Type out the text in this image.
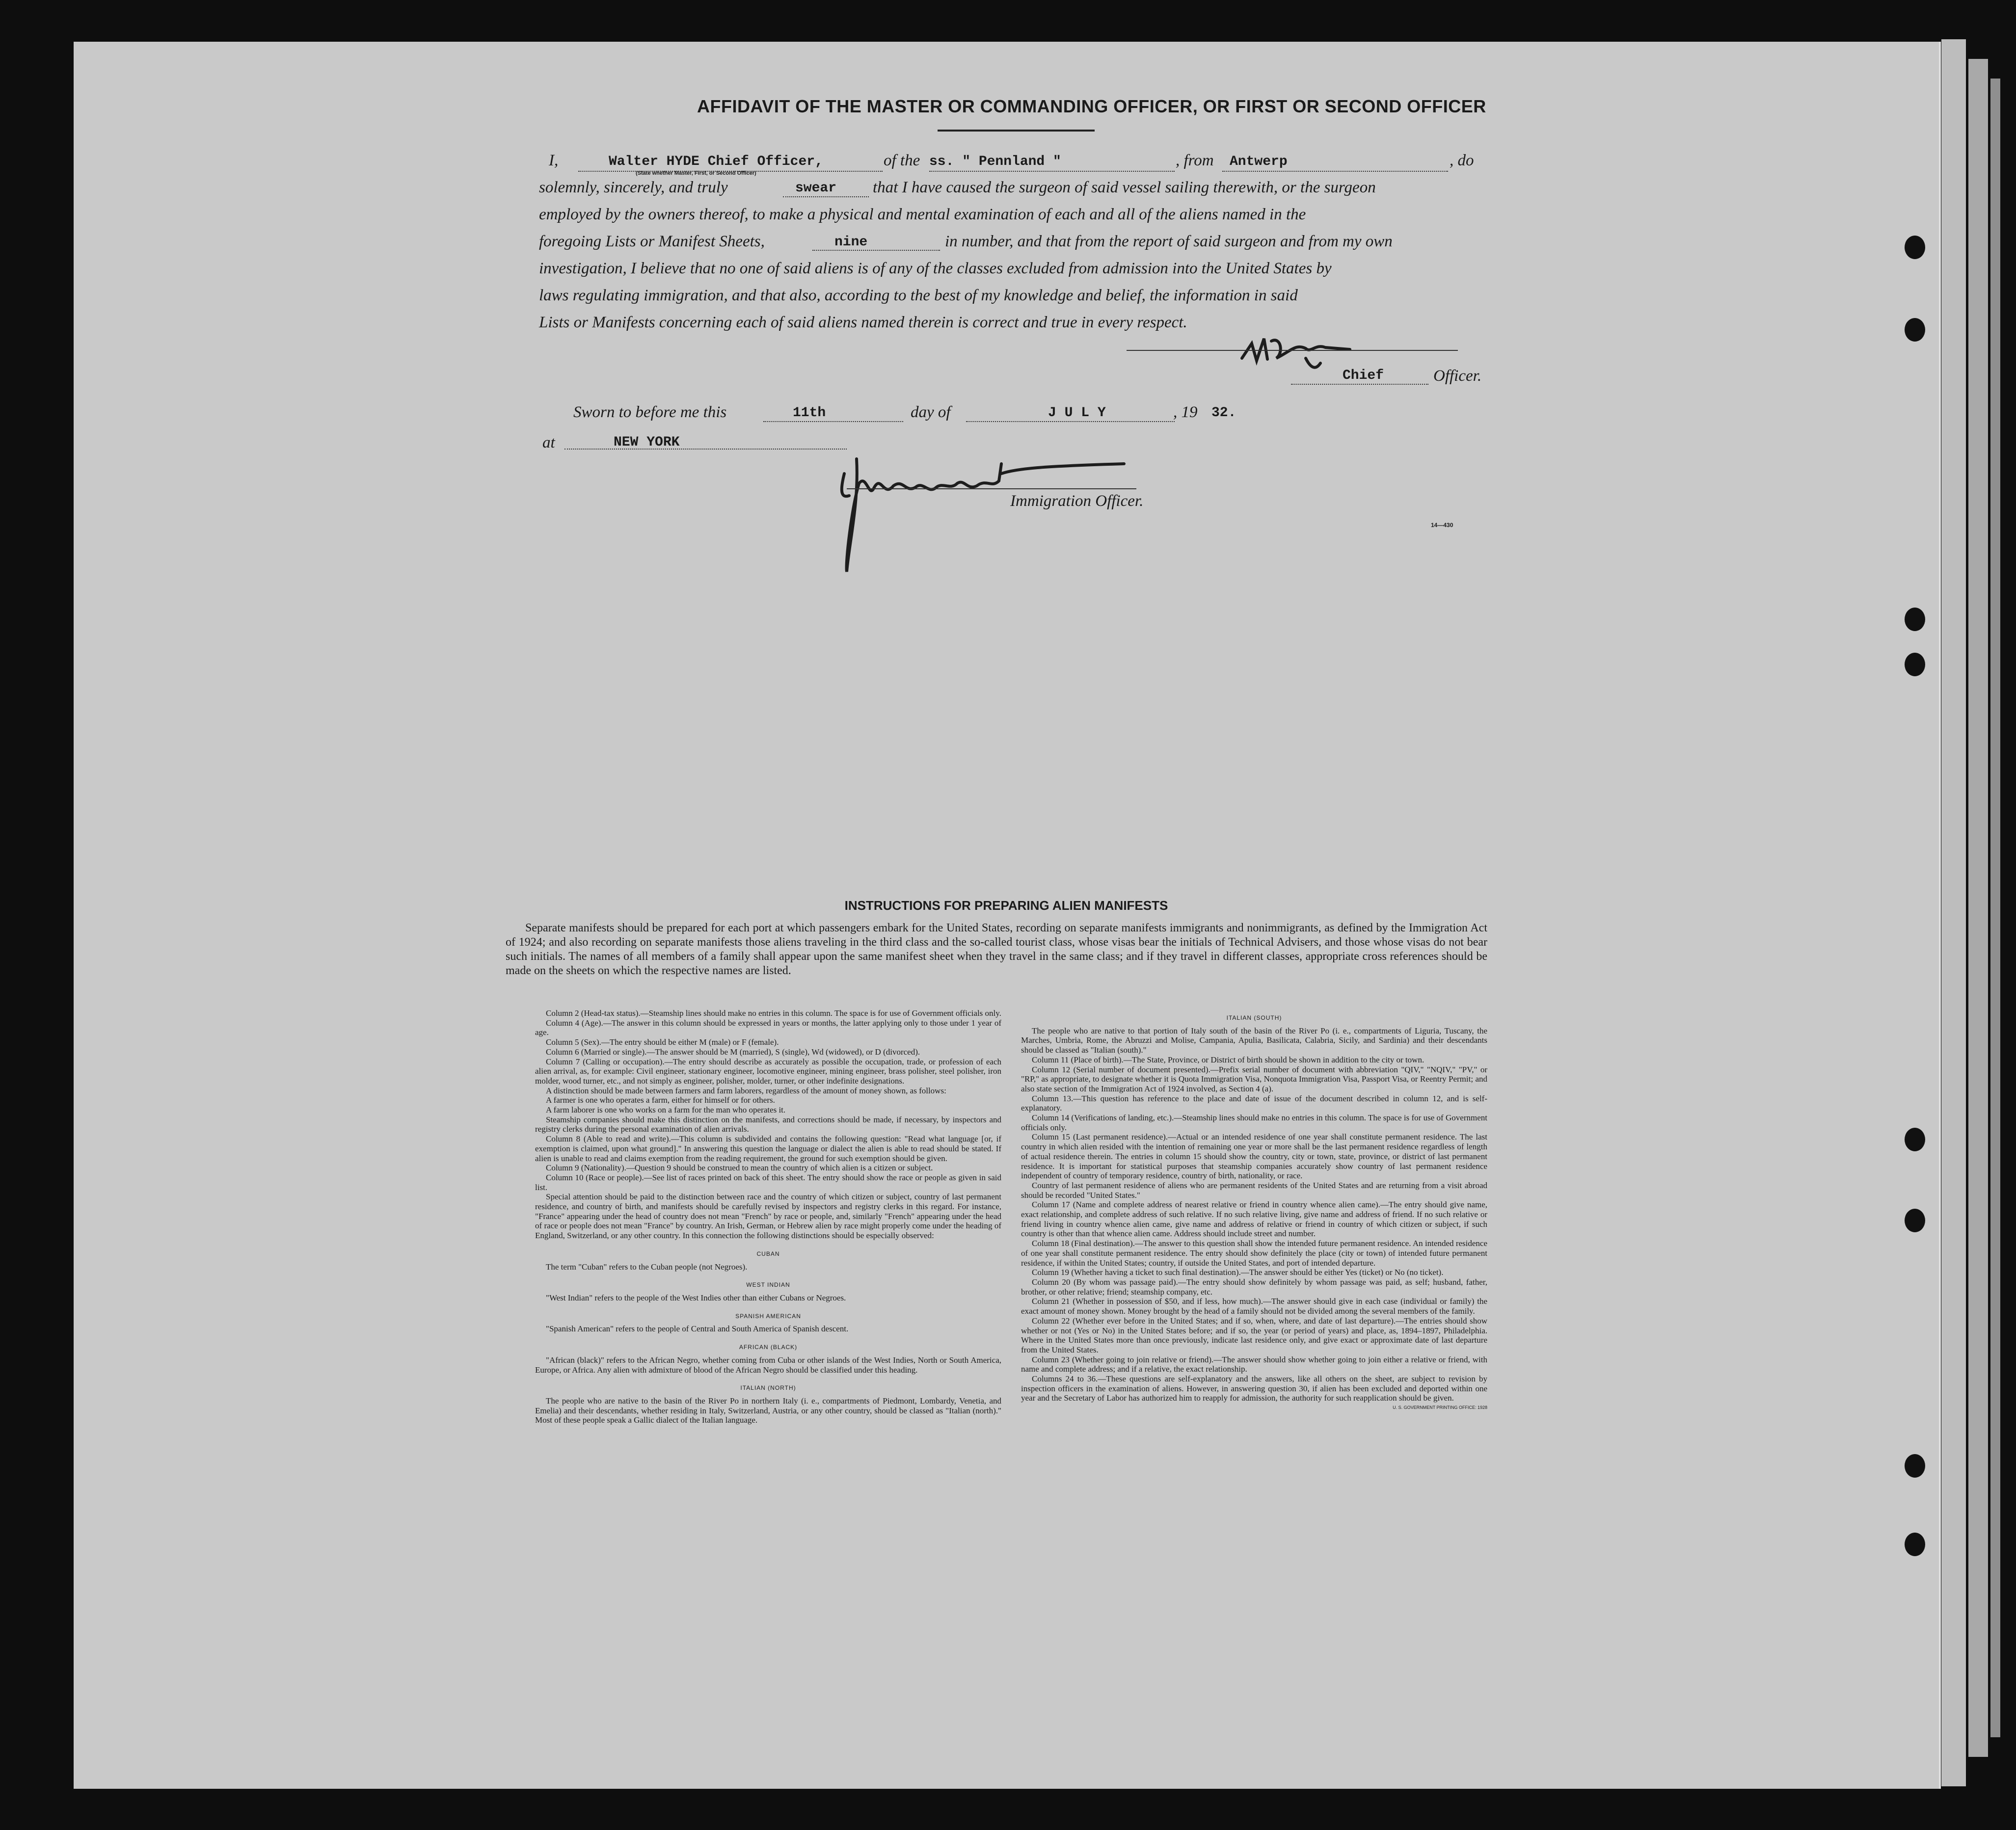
AFFIDAVIT OF THE MASTER OR COMMANDING OFFICER, OR FIRST OR SECOND OFFICER
I,	Walter HYDE Chief Officer,
(State whether Master, First, or Second Officer)
of the ss. " Pennland "	, from Antwerp	, do
solemnly, sincerely, and truly	swear that I have caused the surgeon of said vessel sailing therewith, or the surgeon
employed by the owners thereof, to make a physical and mental examination of each and all of the aliens named in the
foregoing Lists or Manifest Sheets,	nine	in number, and that from the report of said surgeon and from my own
investigation, I believe that no one of said aliens is of any of the classes excluded from admission into the United States by
laws regulating immigration, and that also, according to the best of my knowledge and belief, the information in said
Lists or Manifests concerning each of said aliens named therein is correct and true in every respect.
Chief	Officer.
Sworn to before me this	11th	day of	J U L Y	, 19 32.
at	NEW YORK
Immigration Officer.
14—430
INSTRUCTIONS FOR PREPARING ALIEN MANIFESTS
Separate manifests should be prepared for each port at which passengers embark for the United States, recording on separate manifests immigrants and nonimmigrants, as defined by the Immigration Act of 1924; and also recording on separate manifests those aliens traveling in the third class and the so-called tourist class, whose visas bear the initials of Technical Advisers, and those whose visas do not bear such initials. The names of all members of a family shall appear upon the same manifest sheet when they travel in the same class; and if they travel in different classes, appropriate cross references should be made on the sheets on which the respective names are listed.

Column 2 (Head-tax status).—Steamship lines should make no entries in this column. The space is for use of Government officials only.

Column 4 (Age).—The answer in this column should be expressed in years or months, the latter applying only to those under 1 year of age.

Column 5 (Sex).—The entry should be either M (male) or F (female).

Column 6 (Married or single).—The answer should be M (married), S (single), Wd (widowed), or D (divorced).

Column 7 (Calling or occupation).—The entry should describe as accurately as possible the occupation, trade, or profession of each alien arrival, as, for example: Civil engineer, stationary engineer, locomotive engineer, mining engineer, brass polisher, steel polisher, iron molder, wood turner, etc., and not simply as engineer, polisher, molder, turner, or other indefinite designations.

A distinction should be made between farmers and farm laborers, regardless of the amount of money shown, as follows:

A farmer is one who operates a farm, either for himself or for others.

A farm laborer is one who works on a farm for the man who operates it.

Steamship companies should make this distinction on the manifests, and corrections should be made, if necessary, by inspectors and registry clerks during the personal examination of alien arrivals.

Column 8 (Able to read and write).—This column is subdivided and contains the following question: "Read what language [or, if exemption is claimed, upon what ground]." In answering this question the language or dialect the alien is able to read should be stated. If alien is unable to read and claims exemption from the reading requirement, the ground for such exemption should be given.

Column 9 (Nationality).—Question 9 should be construed to mean the country of which alien is a citizen or subject.

Column 10 (Race or people).—See list of races printed on back of this sheet. The entry should show the race or people as given in said list.

Special attention should be paid to the distinction between race and the country of which citizen or subject, country of last permanent residence, and country of birth, and manifests should be carefully revised by inspectors and registry clerks in this regard. For instance, "France" appearing under the head of country does not mean "French" by race or people, and, similarly "French" appearing under the head of race or people does not mean "France" by country. An Irish, German, or Hebrew alien by race might properly come under the heading of England, Switzerland, or any other country. In this connection the following distinctions should be especially observed:

CUBAN

The term "Cuban" refers to the Cuban people (not Negroes).

WEST INDIAN

"West Indian" refers to the people of the West Indies other than either Cubans or Negroes.

SPANISH AMERICAN

"Spanish American" refers to the people of Central and South America of Spanish descent.

AFRICAN (BLACK)

"African (black)" refers to the African Negro, whether coming from Cuba or other islands of the West Indies, North or South America, Europe, or Africa. Any alien with admixture of blood of the African Negro should be classified under this heading.

ITALIAN (NORTH)

The people who are native to the basin of the River Po in northern Italy (i. e., compartments of Piedmont, Lombardy, Venetia, and Emelia) and their descendants, whether residing in Italy, Switzerland, Austria, or any other country, should be classed as "Italian (north)." Most of these people speak a Gallic dialect of the Italian language.

ITALIAN (SOUTH)

The people who are native to that portion of Italy south of the basin of the River Po (i. e., compartments of Liguria, Tuscany, the Marches, Umbria, Rome, the Abruzzi and Molise, Campania, Apulia, Basilicata, Calabria, Sicily, and Sardinia) and their descendants should be classed as "Italian (south)."

Column 11 (Place of birth).—The State, Province, or District of birth should be shown in addition to the city or town.

Column 12 (Serial number of document presented).—Prefix serial number of document with abbreviation "QIV," "NQIV," "PV," or "RP," as appropriate, to designate whether it is Quota Immigration Visa, Nonquota Immigration Visa, Passport Visa, or Reentry Permit; and also state section of the Immigration Act of 1924 involved, as Section 4 (a).

Column 13.—This question has reference to the place and date of issue of the document described in column 12, and is self-explanatory.

Column 14 (Verifications of landing, etc.).—Steamship lines should make no entries in this column. The space is for use of Government officials only.

Column 15 (Last permanent residence).—Actual or an intended residence of one year shall constitute permanent residence. The last country in which alien resided with the intention of remaining one year or more shall be the last permanent residence regardless of length of actual residence therein. The entries in column 15 should show the country, city or town, state, province, or district of last permanent residence. It is important for statistical purposes that steamship companies accurately show country of last permanent residence independent of country of temporary residence, country of birth, nationality, or race.

Country of last permanent residence of aliens who are permanent residents of the United States and are returning from a visit abroad should be recorded "United States."

Column 17 (Name and complete address of nearest relative or friend in country whence alien came).—The entry should give name, exact relationship, and complete address of such relative. If no such relative living, give name and address of friend. If no such relative or friend living in country whence alien came, give name and address of relative or friend in country of which citizen or subject, if such country is other than that whence alien came. Address should include street and number.

Column 18 (Final destination).—The answer to this question shall show the intended future permanent residence. An intended residence of one year shall constitute permanent residence. The entry should show definitely the place (city or town) of intended future permanent residence, if within the United States; country, if outside the United States, and port of intended departure.

Column 19 (Whether having a ticket to such final destination).—The answer should be either Yes (ticket) or No (no ticket).

Column 20 (By whom was passage paid).—The entry should show definitely by whom passage was paid, as self; husband, father, brother, or other relative; friend; steamship company, etc.

Column 21 (Whether in possession of $50, and if less, how much).—The answer should give in each case (individual or family) the exact amount of money shown. Money brought by the head of a family should not be divided among the several members of the family.

Column 22 (Whether ever before in the United States; and if so, when, where, and date of last departure).—The entries should show whether or not (Yes or No) in the United States before; and if so, the year (or period of years) and place, as, 1894–1897, Philadelphia. Where in the United States more than once previously, indicate last residence only, and give exact or approximate date of last departure from the United States.

Column 23 (Whether going to join relative or friend).—The answer should show whether going to join either a relative or friend, with name and complete address; and if a relative, the exact relationship.

Columns 24 to 36.—These questions are self-explanatory and the answers, like all others on the sheet, are subject to revision by inspection officers in the examination of aliens. However, in answering question 30, if alien has been excluded and deported within one year and the Secretary of Labor has authorized him to reapply for admission, the authority for such reapplication should be given.

U. S. GOVERNMENT PRINTING OFFICE: 1928
